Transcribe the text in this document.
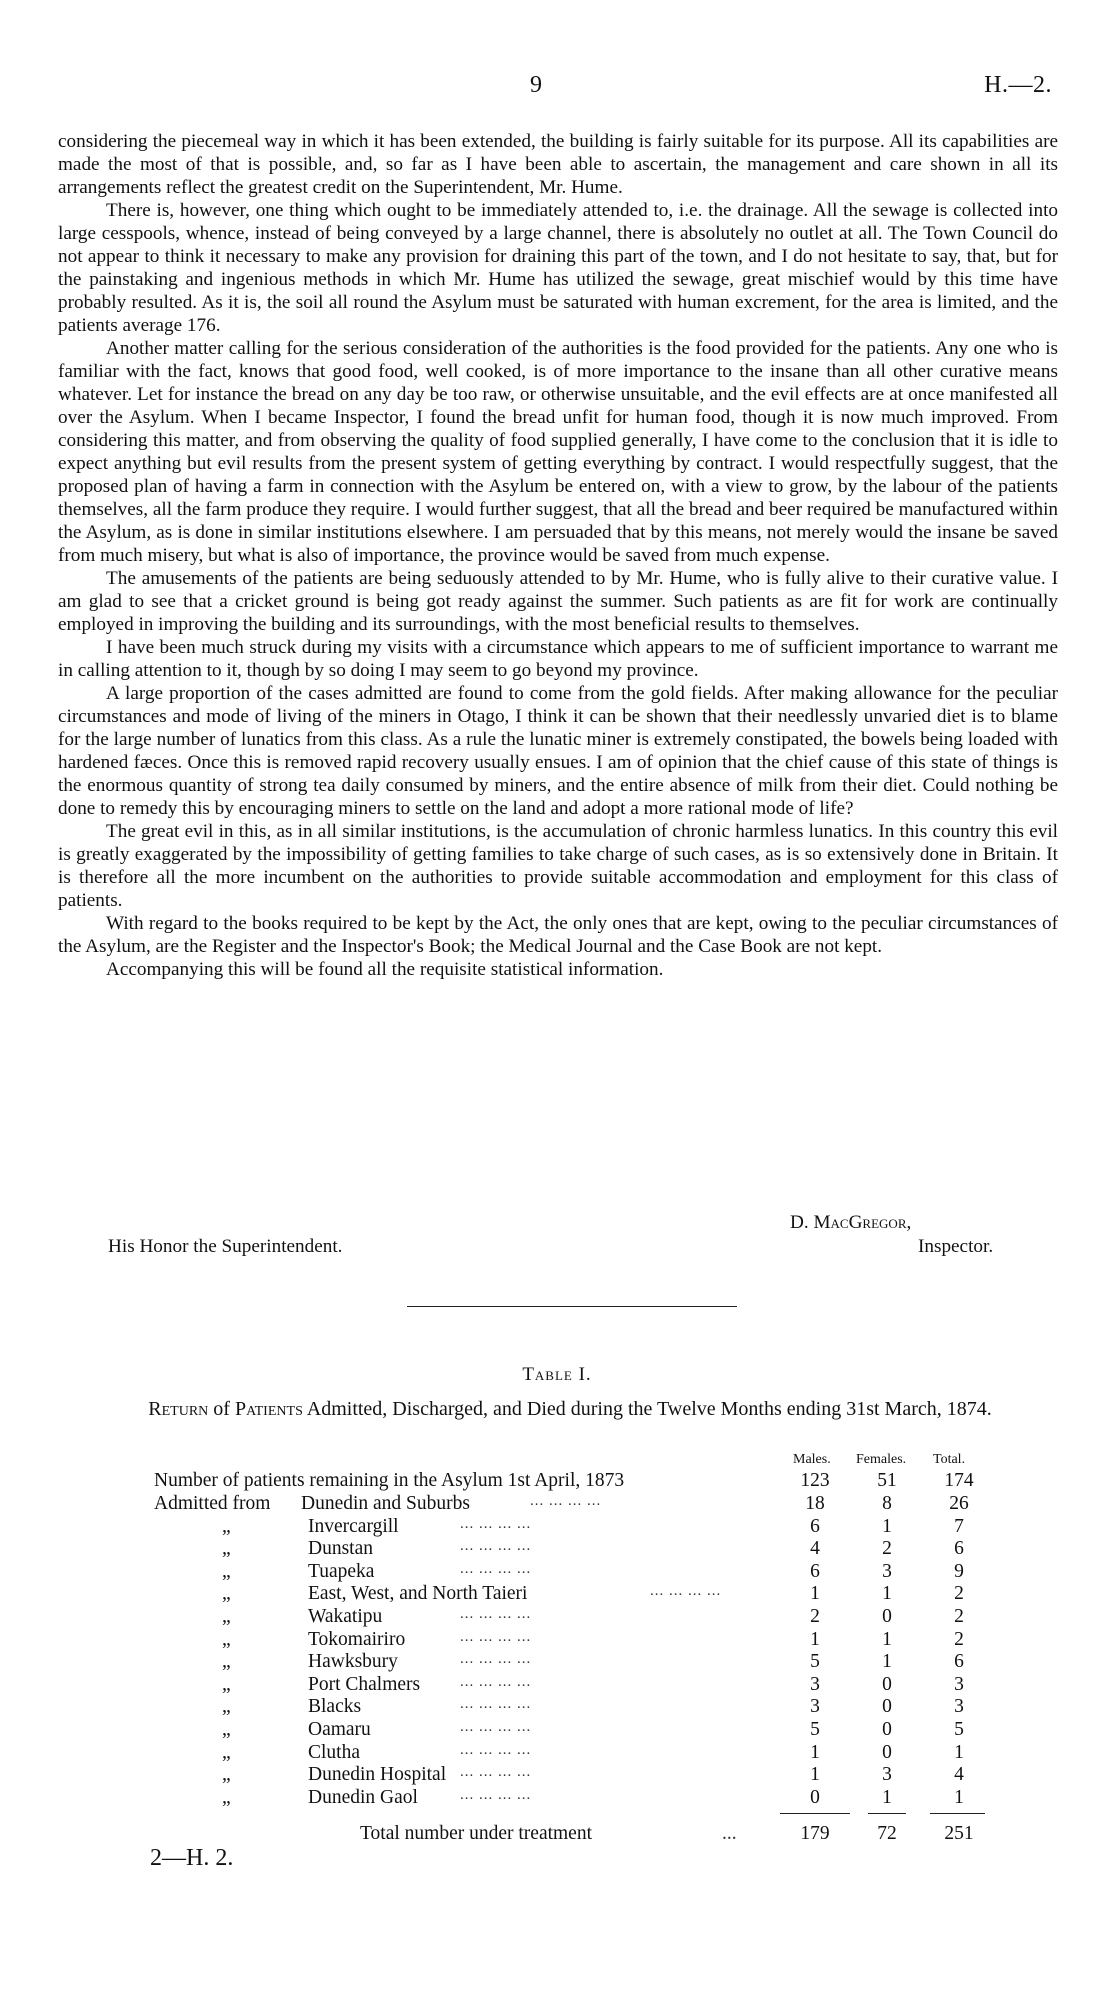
9	H.—2.

considering the piecemeal way in which it has been extended, the building is fairly suitable for its purpose. All its capabilities are made the most of that is possible, and, so far as I have been able to ascertain, the management and care shown in all its arrangements reflect the greatest credit on the Superintendent, Mr. Hume.

There is, however, one thing which ought to be immediately attended to, i.e. the drainage. All the sewage is collected into large cesspools, whence, instead of being conveyed by a large channel, there is absolutely no outlet at all. The Town Council do not appear to think it necessary to make any provision for draining this part of the town, and I do not hesitate to say, that, but for the painstaking and ingenious methods in which Mr. Hume has utilized the sewage, great mischief would by this time have probably resulted. As it is, the soil all round the Asylum must be saturated with human excrement, for the area is limited, and the patients average 176.

Another matter calling for the serious consideration of the authorities is the food provided for the patients. Any one who is familiar with the fact, knows that good food, well cooked, is of more importance to the insane than all other curative means whatever. Let for instance the bread on any day be too raw, or otherwise unsuitable, and the evil effects are at once manifested all over the Asylum. When I became Inspector, I found the bread unfit for human food, though it is now much improved. From considering this matter, and from observing the quality of food supplied generally, I have come to the conclusion that it is idle to expect anything but evil results from the present system of getting everything by contract. I would respectfully suggest, that the proposed plan of having a farm in connection with the Asylum be entered on, with a view to grow, by the labour of the patients themselves, all the farm produce they require. I would further suggest, that all the bread and beer required be manufactured within the Asylum, as is done in similar institutions elsewhere. I am persuaded that by this means, not merely would the insane be saved from much misery, but what is also of importance, the province would be saved from much expense.

The amusements of the patients are being seduously attended to by Mr. Hume, who is fully alive to their curative value. I am glad to see that a cricket ground is being got ready against the summer. Such patients as are fit for work are continually employed in improving the building and its surroundings, with the most beneficial results to themselves.

I have been much struck during my visits with a circumstance which appears to me of sufficient importance to warrant me in calling attention to it, though by so doing I may seem to go beyond my province.

A large proportion of the cases admitted are found to come from the gold fields. After making allowance for the peculiar circumstances and mode of living of the miners in Otago, I think it can be shown that their needlessly unvaried diet is to blame for the large number of lunatics from this class. As a rule the lunatic miner is extremely constipated, the bowels being loaded with hardened fæces. Once this is removed rapid recovery usually ensues. I am of opinion that the chief cause of this state of things is the enormous quantity of strong tea daily consumed by miners, and the entire absence of milk from their diet. Could nothing be done to remedy this by encouraging miners to settle on the land and adopt a more rational mode of life?

The great evil in this, as in all similar institutions, is the accumulation of chronic harmless lunatics. In this country this evil is greatly exaggerated by the impossibility of getting families to take charge of such cases, as is so extensively done in Britain. It is therefore all the more incumbent on the authorities to provide suitable accommodation and employment for this class of patients.

With regard to the books required to be kept by the Act, the only ones that are kept, owing to the peculiar circumstances of the Asylum, are the Register and the Inspector's Book; the Medical Journal and the Case Book are not kept.

Accompanying this will be found all the requisite statistical information.

D. MacGregor,
His Honor the Superintendent.	Inspector.
Table I.
Return of Patients Admitted, Discharged, and Died during the Twelve Months ending 31st March, 1874.
Males. Females. Total.
Number of patients remaining in the Asylum 1st April, 1873	123	51	174
Admitted from Dunedin and Suburbs	... ... ... ...	18	8	26
„	Invercargill	... ... ... ...	6	1	7
„	Dunstan	... ... ... ...	4	2	6
„	Tuapeka	... ... ... ...	6	3	9
„	East, West, and North Taieri	... ... ... ...	1	1	2
„	Wakatipu	... ... ... ...	2	0	2
„	Tokomairiro	... ... ... ...	1	1	2
„	Hawksbury	... ... ... ...	5	1	6
„	Port Chalmers	... ... ... ...	3	0	3
„	Blacks	... ... ... ...	3	0	3
„	Oamaru	... ... ... ...	5	0	5
„	Clutha	... ... ... ...	1	0	1
„	Dunedin Hospital ... ... ... ...	1	3	4
„	Dunedin Gaol	... ... ... ...	0	1	1
Total number under treatment	...	179	72	251
2—H. 2.
